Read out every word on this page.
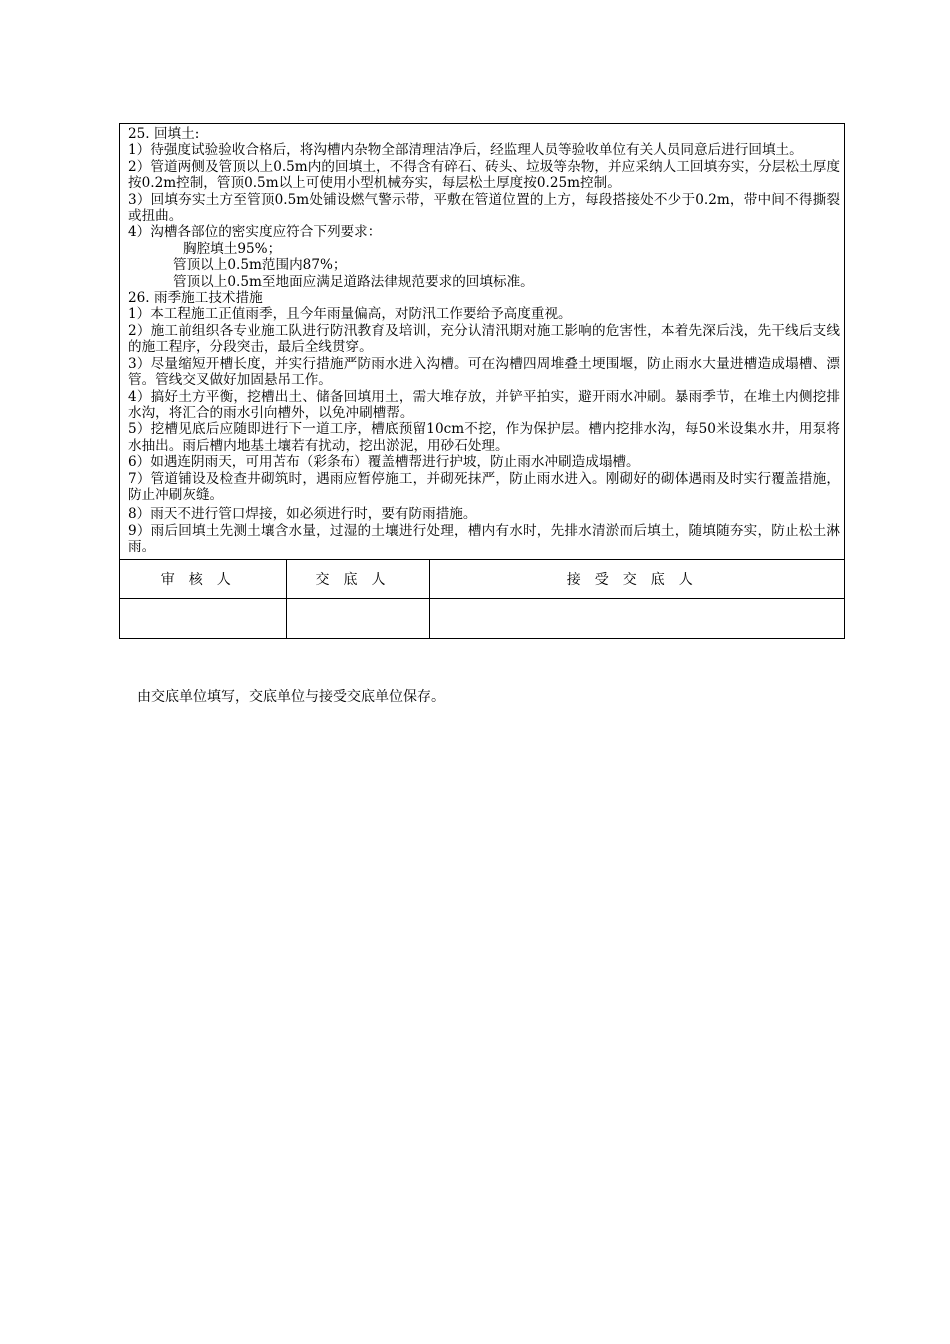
25. 回填土:

1）待强度试验验收合格后，将沟槽内杂物全部清理洁净后，经监理人员等验收单位有关人员同意后进行回填土。

2）管道两侧及管顶以上0.5m内的回填土，不得含有碎石、砖头、垃圾等杂物，并应采纳人工回填夯实，分层松土厚度按0.2m控制，管顶0.5m以上可使用小型机械夯实，每层松土厚度按0.25m控制。

3）回填夯实土方至管顶0.5m处铺设燃气警示带，平敷在管道位置的上方，每段搭接处不少于0.2m，带中间不得撕裂或扭曲。

4）沟槽各部位的密实度应符合下列要求：

胸腔填土95%；

管顶以上0.5m范围内87%；

管顶以上0.5m至地面应满足道路法律规范要求的回填标准。

26. 雨季施工技术措施

1）本工程施工正值雨季，且今年雨量偏高，对防汛工作要给予高度重视。

2）施工前组织各专业施工队进行防汛教育及培训，充分认清汛期对施工影响的危害性，本着先深后浅，先干线后支线的施工程序，分段突击，最后全线贯穿。

3）尽量缩短开槽长度，并实行措施严防雨水进入沟槽。可在沟槽四周堆叠土埂围堰，防止雨水大量进槽造成塌槽、漂管。管线交叉做好加固悬吊工作。

4）搞好土方平衡，挖槽出土、储备回填用土，需大堆存放，并铲平拍实，避开雨水冲刷。暴雨季节，在堆土内侧挖排水沟，将汇合的雨水引向槽外，以免冲刷槽帮。

5）挖槽见底后应随即进行下一道工序，槽底预留10cm不挖，作为保护层。槽内挖排水沟，每50米设集水井，用泵将水抽出。雨后槽内地基土壤若有扰动，挖出淤泥，用砂石处理。

6）如遇连阴雨天，可用苫布（彩条布）覆盖槽帮进行护坡，防止雨水冲刷造成塌槽。

7）管道铺设及检查井砌筑时，遇雨应暂停施工，并砌死抹严，防止雨水进入。刚砌好的砌体遇雨及时实行覆盖措施，防止冲刷灰缝。

8）雨天不进行管口焊接，如必须进行时，要有防雨措施。

9）雨后回填土先测土壤含水量，过湿的土壤进行处理，槽内有水时，先排水清淤而后填土，随填随夯实，防止松土淋雨。

审核人	交底人	接受交底人

由交底单位填写，交底单位与接受交底单位保存。
